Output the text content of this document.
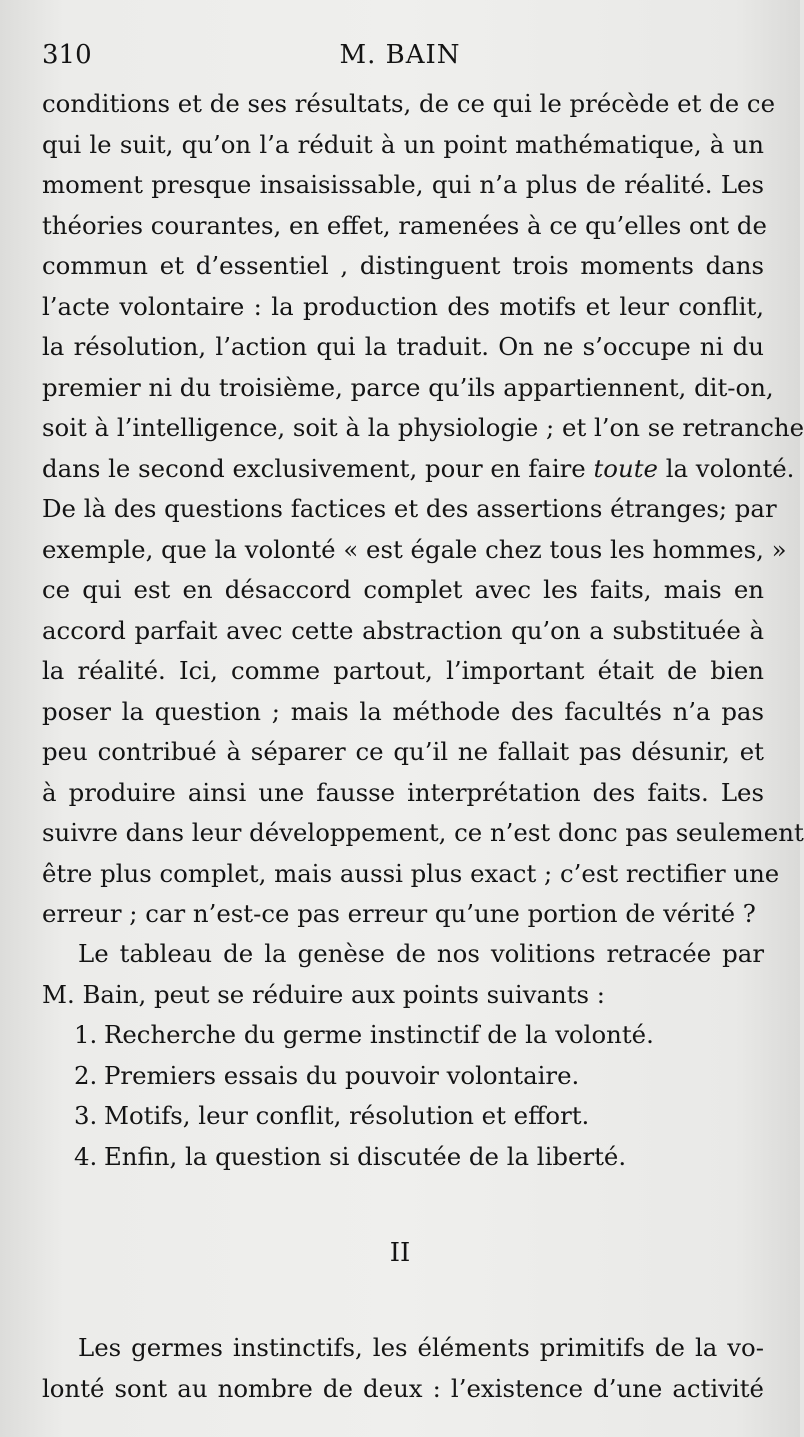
310	M. BAIN
conditions et de ses résultats, de ce qui le précède et de ce
qui le suit, qu’on l’a réduit à un point mathématique, à un
moment presque insaisissable, qui n’a plus de réalité. Les
théories courantes, en effet, ramenées à ce qu’elles ont de
commun et d’essentiel , distinguent trois moments dans
l’acte volontaire : la production des motifs et leur conflit,
la résolution, l’action qui la traduit. On ne s’occupe ni du
premier ni du troisième, parce qu’ils appartiennent, dit-on,
soit à l’intelligence, soit à la physiologie ; et l’on se retranche
dans le second exclusivement, pour en faire toute la volonté.
De là des questions factices et des assertions étranges; par
exemple, que la volonté « est égale chez tous les hommes, »
ce qui est en désaccord complet avec les faits, mais en
accord parfait avec cette abstraction qu’on a substituée à
la réalité. Ici, comme partout, l’important était de bien
poser la question ; mais la méthode des facultés n’a pas
peu contribué à séparer ce qu’il ne fallait pas désunir, et
à produire ainsi une fausse interprétation des faits. Les
suivre dans leur développement, ce n’est donc pas seulement
être plus complet, mais aussi plus exact ; c’est rectifier une
erreur ; car n’est-ce pas erreur qu’une portion de vérité ?
Le tableau de la genèse de nos volitions retracée par
M. Bain, peut se réduire aux points suivants :
1. Recherche du germe instinctif de la volonté.
2. Premiers essais du pouvoir volontaire.
3. Motifs, leur conflit, résolution et effort.
4. Enfin, la question si discutée de la liberté.
II
Les germes instinctifs, les éléments primitifs de la vo-
lonté sont au nombre de deux : l’existence d’une activité
